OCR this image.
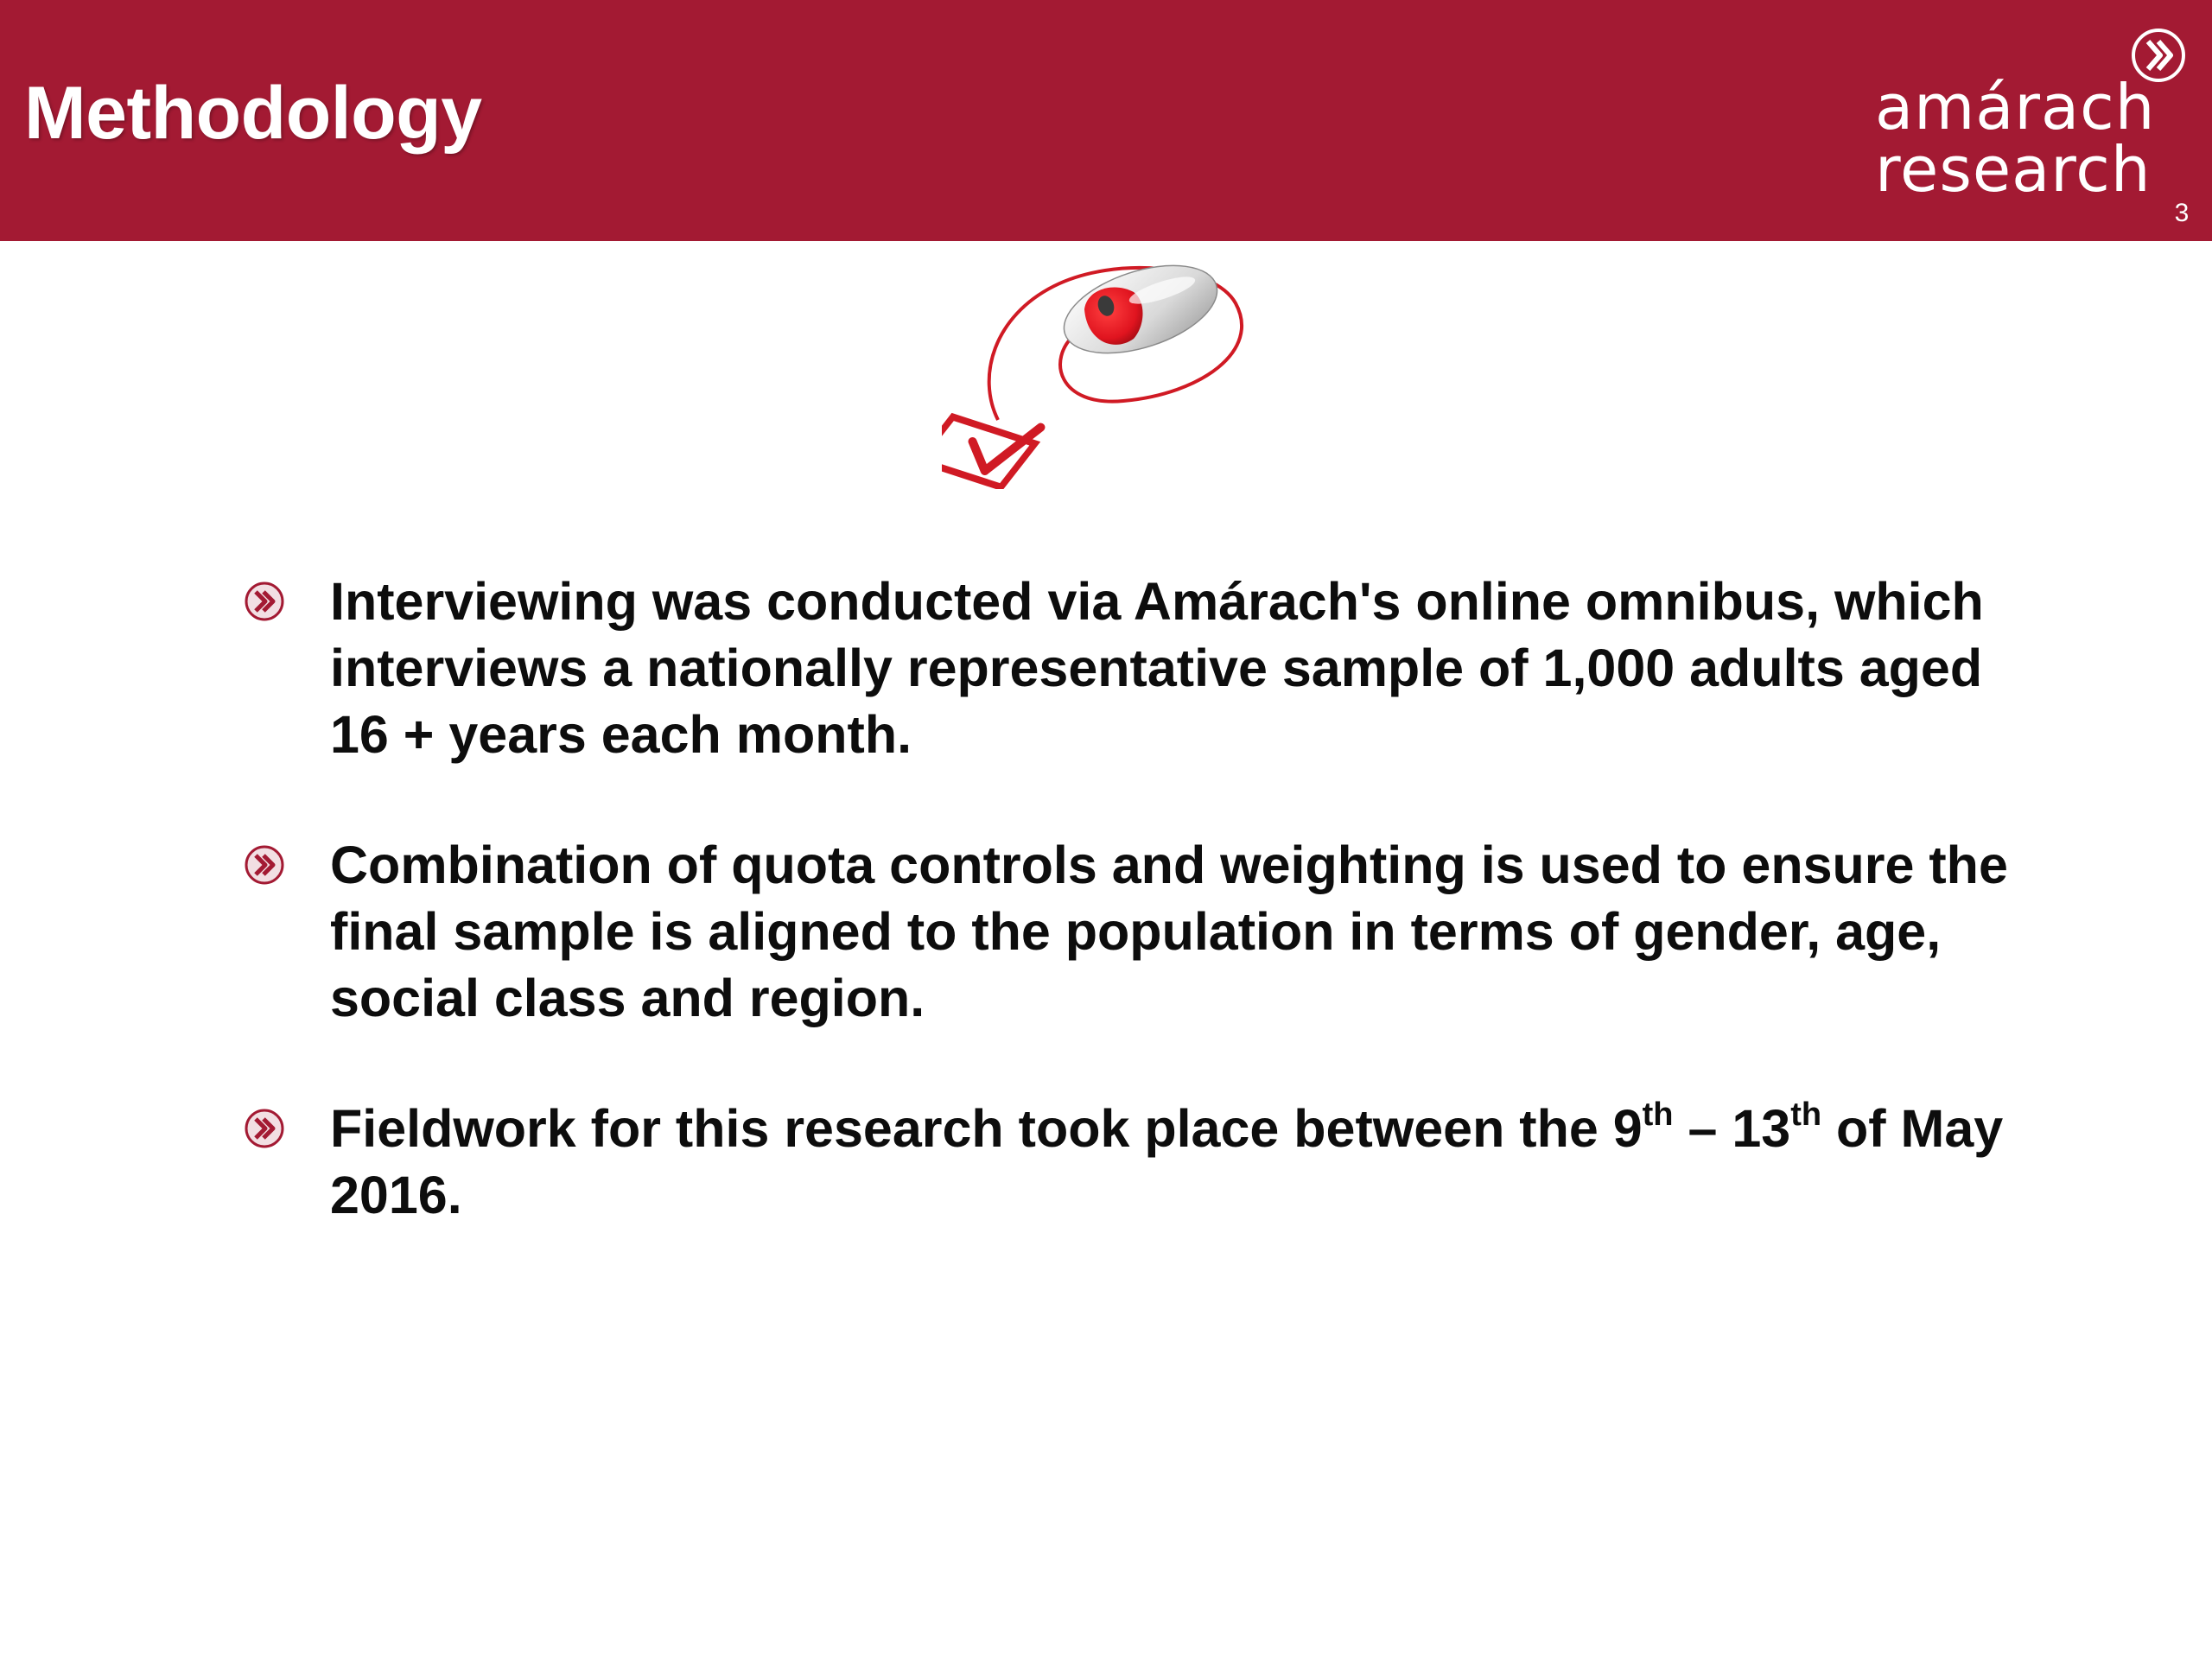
Methodology	amárach
research
3
Interviewing was conducted via Amárach's online omnibus, which interviews a nationally representative sample of 1,000 adults aged 16 + years each month.
Combination of quota controls and weighting is used to ensure the final sample is aligned to the population in terms of gender, age, social class and region.
Fieldwork for this research took place between the 9th – 13th of May 2016.
